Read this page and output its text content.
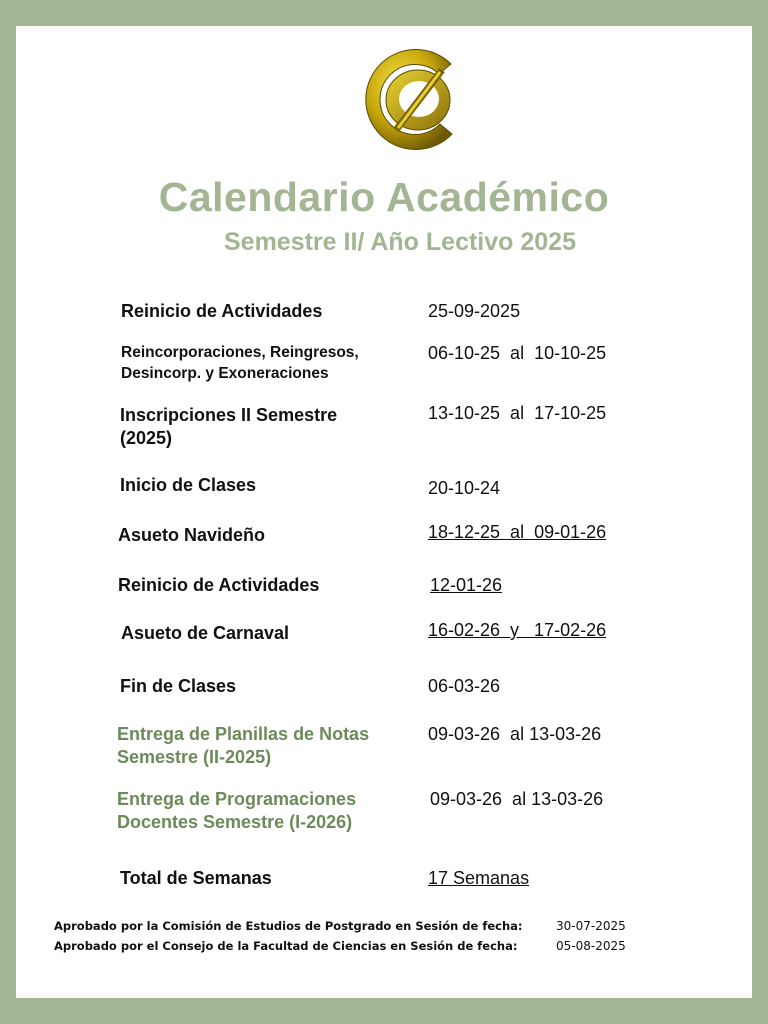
Calendario Académico
Semestre II/ Año Lectivo 2025
Reinicio de Actividades	25-09-2025
Reincorporaciones, Reingresos,
Desincorp. y Exoneraciones
06-10-25  al  10-10-25
Inscripciones II Semestre
(2025)
13-10-25  al  17-10-25
Inicio de Clases	20-10-24
Asueto Navideño	18-12-25  al  09-01-26
Reinicio de Actividades	12-01-26
Asueto de Carnaval	16-02-26  y   17-02-26
Fin de Clases	06-03-26
Entrega de Planillas de Notas
Semestre (II-2025)
09-03-26  al 13-03-26
Entrega de Programaciones
Docentes Semestre (I-2026)
09-03-26  al 13-03-26
Total de Semanas	17 Semanas
Aprobado por la Comisión de Estudios de Postgrado en Sesión de fecha:	30-07-2025
Aprobado por el Consejo de la Facultad de Ciencias en Sesión de fecha:	05-08-2025
